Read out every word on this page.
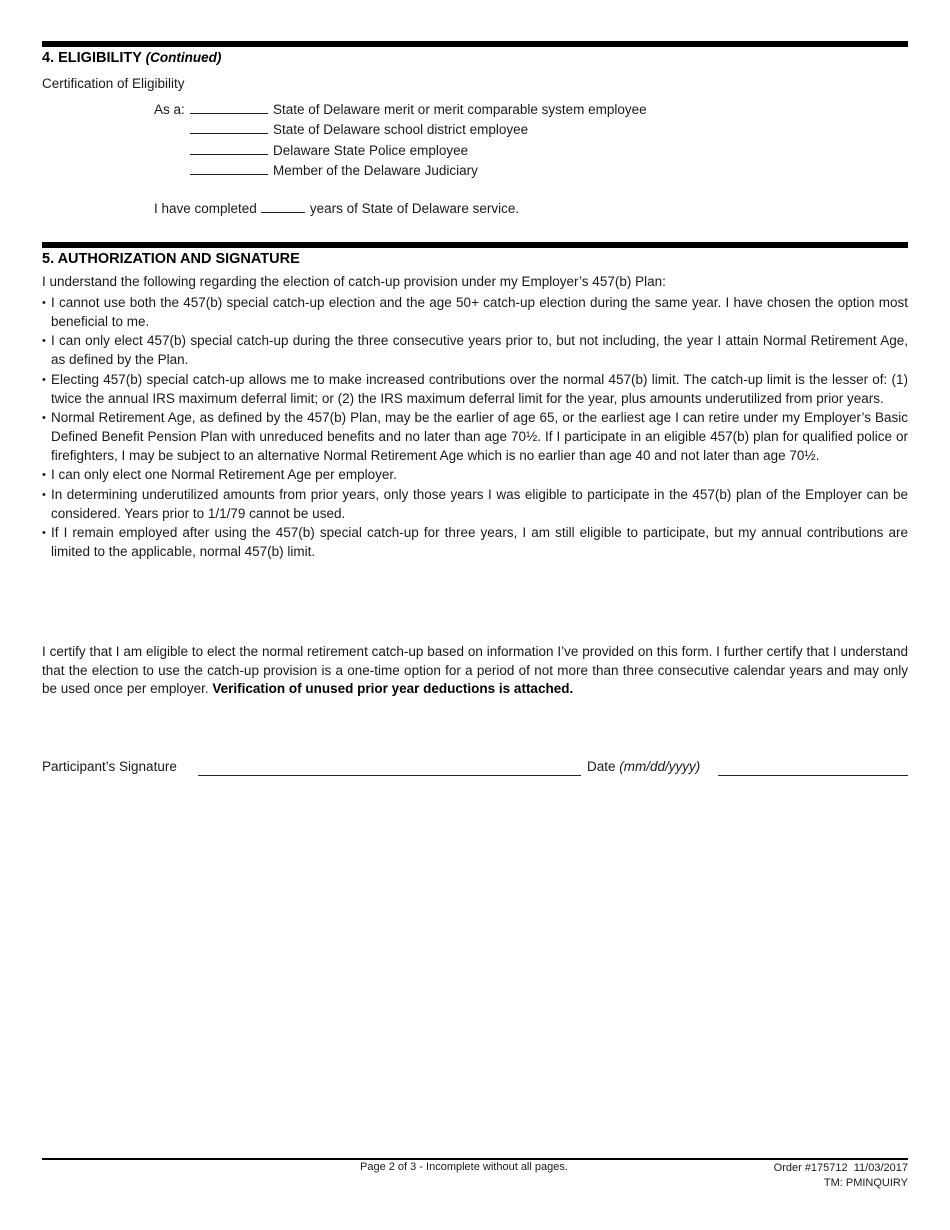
4. ELIGIBILITY (Continued)
Certification of Eligibility
As a:	State of Delaware merit or merit comparable system employee
State of Delaware school district employee
Delaware State Police employee
Member of the Delaware Judiciary
I have completed	years of State of Delaware service.
5. AUTHORIZATION AND SIGNATURE
I understand the following regarding the election of catch-up provision under my Employer’s 457(b) Plan:
• I cannot use both the 457(b) special catch-up election and the age 50+ catch-up election during the same year. I have chosen the option most beneficial to me.
• I can only elect 457(b) special catch-up during the three consecutive years prior to, but not including, the year I attain Normal Retirement Age, as defined by the Plan.
• Electing 457(b) special catch-up allows me to make increased contributions over the normal 457(b) limit. The catch-up limit is the lesser of: (1) twice the annual IRS maximum deferral limit; or (2) the IRS maximum deferral limit for the year, plus amounts underutilized from prior years.
• Normal Retirement Age, as defined by the 457(b) Plan, may be the earlier of age 65, or the earliest age I can retire under my Employer’s Basic Defined Benefit Pension Plan with unreduced benefits and no later than age 70½. If I participate in an eligible 457(b) plan for qualified police or firefighters, I may be subject to an alternative Normal Retirement Age which is no earlier than age 40 and not later than age 70½.
• I can only elect one Normal Retirement Age per employer.
• In determining underutilized amounts from prior years, only those years I was eligible to participate in the 457(b) plan of the Employer can be considered. Years prior to 1/1/79 cannot be used.
• If I remain employed after using the 457(b) special catch-up for three years, I am still eligible to participate, but my annual contributions are limited to the applicable, normal 457(b) limit.
I certify that I am eligible to elect the normal retirement catch-up based on information I’ve provided on this form. I further certify that I understand that the election to use the catch-up provision is a one-time option for a period of not more than three consecutive calendar years and may only be used once per employer. Verification of unused prior year deductions is attached.
Participant’s Signature	Date (mm/dd/yyyy)
Page 2 of 3 - Incomplete without all pages.	Order #175712  11/03/2017
TM: PMINQUIRY
